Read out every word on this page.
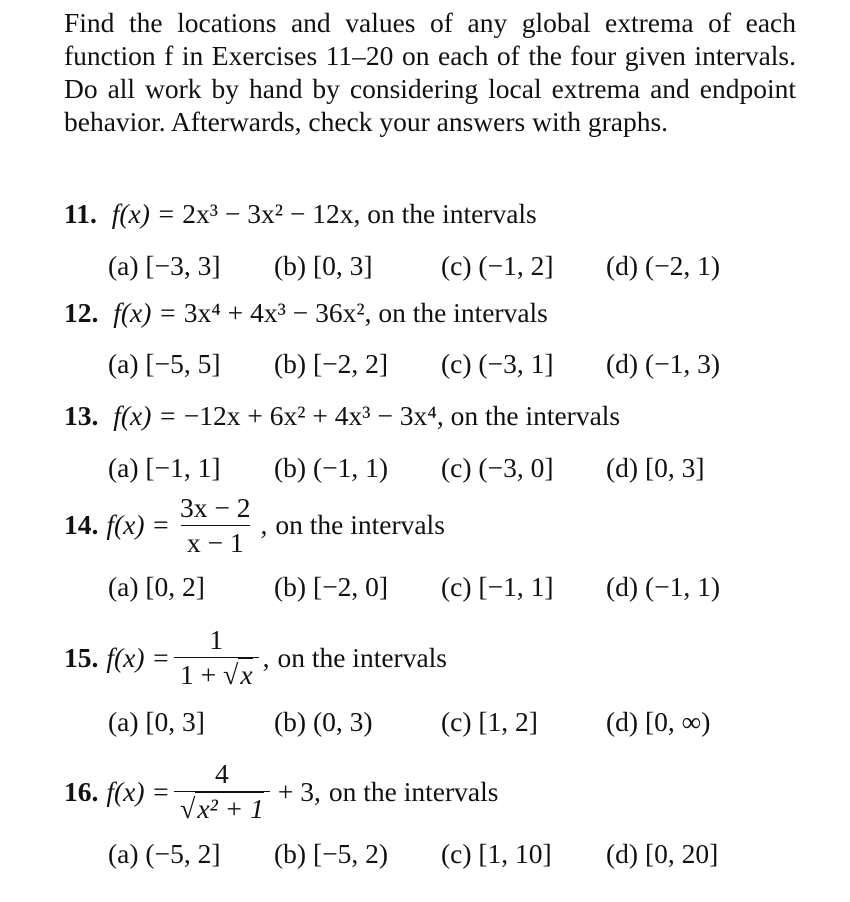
Find the locations and values of any global extrema of each function f in Exercises 11–20 on each of the four given intervals. Do all work by hand by considering local extrema and endpoint behavior. Afterwards, check your answers with graphs.
11. f(x) = 2x³ − 3x² − 12x, on the intervals
(a) [−3, 3] (b) [0, 3] (c) (−1, 2] (d) (−2, 1)
12. f(x) = 3x⁴ + 4x³ − 36x², on the intervals
(a) [−5, 5] (b) [−2, 2] (c) (−3, 1] (d) (−1, 3)
13. f(x) = −12x + 6x² + 4x³ − 3x⁴, on the intervals
(a) [−1, 1] (b) (−1, 1) (c) (−3, 0] (d) [0, 3]
14. $f(x) = \frac{3x - 2}{x - 1}$ , on the intervals
(a) [0, 2]	(b) [−2, 0] (c) [−1, 1] (d) (−1, 1)
15. $f(x) = \frac{1}{1 + √x}$ , on the intervals
(a) [0, 3]	(b) (0, 3) (c) [1, 2] (d) [0, ∞)
16. $f(x) = \frac{4}{\text{√x² + 1}} + 3$, on the intervals
(a) (−5, 2] (b) [−5, 2) (c) [1, 10] (d) [0, 20]
